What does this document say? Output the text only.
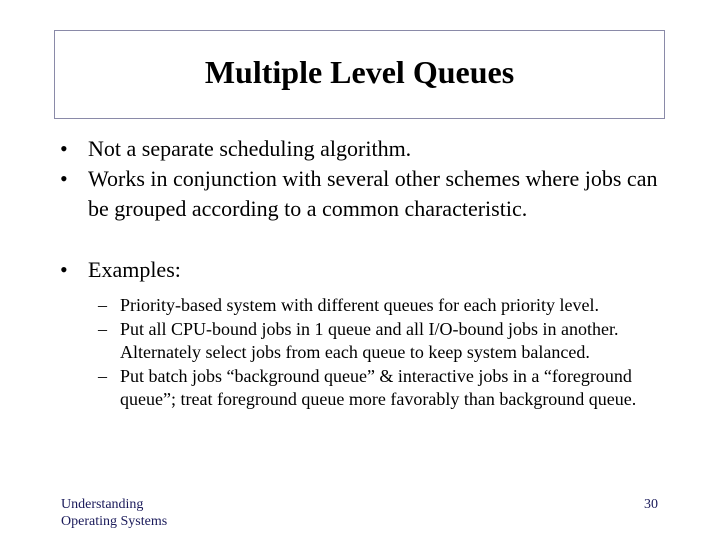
Multiple Level Queues
• Not a separate scheduling algorithm.
• Works in conjunction with several other schemes where jobs can be grouped according to a common characteristic.
• Examples:
– Priority-based system with different queues for each priority level.
– Put all CPU-bound jobs in 1 queue and all I/O-bound jobs in another. Alternately select jobs from each queue to keep system balanced.
– Put batch jobs “background queue” & interactive jobs in a “foreground queue”; treat foreground queue more favorably than background queue.
Understanding
Operating Systems
30
